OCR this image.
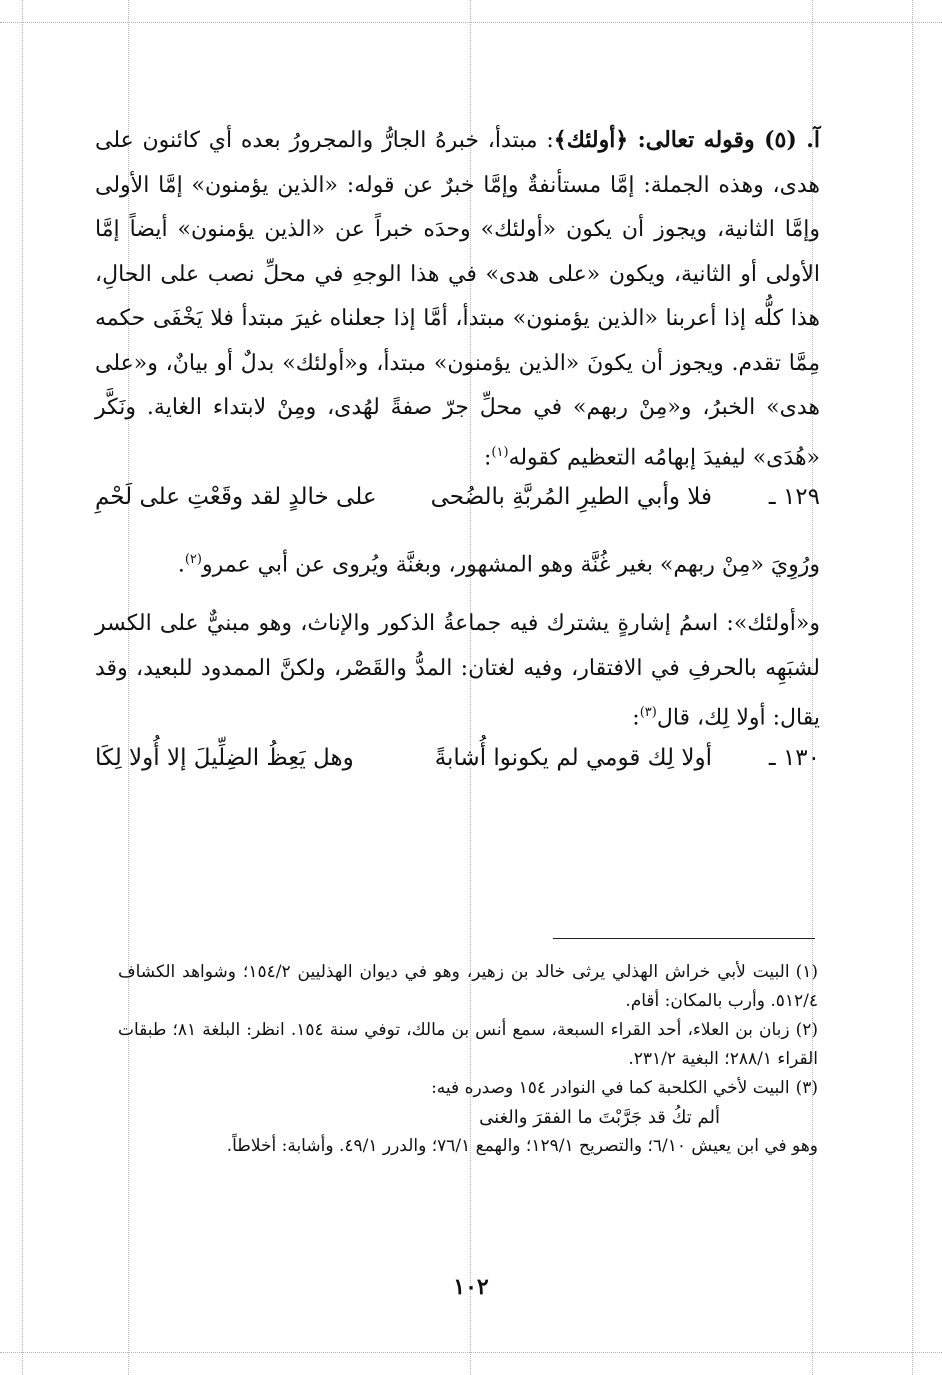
آ. (٥) وقوله تعالى: ﴿أولئك﴾: مبتدأ، خبرهُ الجارُّ والمجرورُ بعده أي كائنون على هدى، وهذه الجملة: إمَّا مستأنفةٌ وإمَّا خبرٌ عن قوله: «الذين يؤمنون» إمَّا الأولى وإمَّا الثانية، ويجوز أن يكون «أولئك» وحدَه خبراً عن «الذين يؤمنون» أيضاً إمَّا الأولى أو الثانية، ويكون «على هدى» في هذا الوجهِ في محلِّ نصب على الحالِ، هذا كلُّه إذا أعربنا «الذين يؤمنون» مبتدأ، أمَّا إذا جعلناه غيرَ مبتدأ فلا يَخْفَى حكمه مِمَّا تقدم. ويجوز أن يكونَ «الذين يؤمنون» مبتدأ، و«أولئك» بدلٌ أو بيانٌ، و«على هدى» الخبرُ، و«مِنْ ربهم» في محلِّ جرّ صفةً لهُدى، ومِنْ لابتداء الغاية. ونَكَّر «هُدَى» ليفيدَ إبهامُه التعظيم كقوله$^{(١)}$:

١٢٩ ـ
فلا وأبي الطيرِ المُربَّةِ بالضُحى
على خالدٍ لقد وقَعْتِ على لَحْمِ

ورُوِيَ «مِنْ ربهم» بغير غُنَّة وهو المشهور، وبغنَّة ويُروى عن أبي عمرو$^{(٢)}$.

و«أولئك»: اسمُ إشارةٍ يشترك فيه جماعةُ الذكور والإناث، وهو مبنيٌّ على الكسر لشبَهِه بالحرفِ في الافتقار، وفيه لغتان: المدُّ والقَصْر، ولكنَّ الممدود للبعيد، وقد يقال: أولا لِك، قال$^{(٣)}$:

١٣٠ ـ
أولا لِك قومي لم يكونوا أُشابةً
وهل يَعِظُ الضِلِّيلَ إلا أُولا لِكَا

(١)البيت لأبي خراش الهذلي يرثى خالد بن زهير، وهو في ديوان الهذليين ١٥٤/٢؛ وشواهد الكشاف ٥١٢/٤. وأرب بالمكان: أقام.

(٢)زبان بن العلاء، أحد القراء السبعة، سمع أنس بن مالك، توفي سنة ١٥٤. انظر: البلغة ٨١؛ طبقات القراء ٢٨٨/١؛ البغية ٢٣١/٢.

(٣)البيت لأخي الكلحبة كما في النوادر ١٥٤ وصدره فيه:

ألم تكُ قد جَرَّبْتَ ما الفقرَ والغنى

وهو في ابن يعيش ٦/١٠؛ والتصريح ١٢٩/١؛ والهمع ٧٦/١؛ والدرر ٤٩/١. وأشابة: أخلاطاً.

١٠٢
